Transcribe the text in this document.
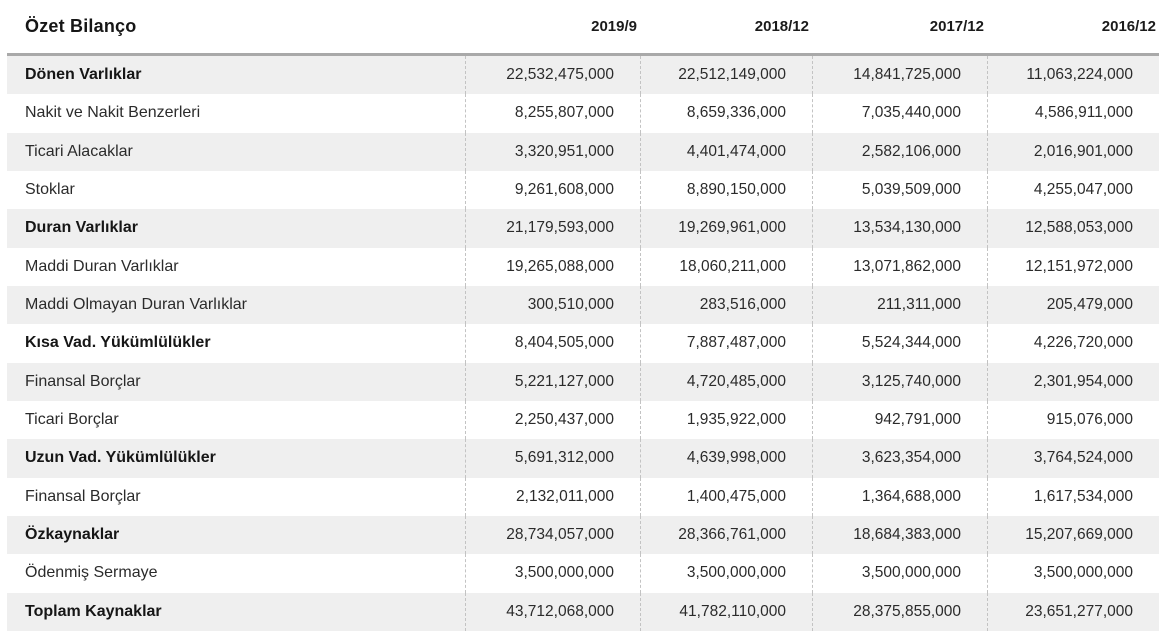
Özet Bilanço	2019/9	2018/12	2017/12	2016/12
Dönen Varlıklar	22,532,475,000	22,512,149,000	14,841,725,000	11,063,224,000
Nakit ve Nakit Benzerleri	8,255,807,000	8,659,336,000	7,035,440,000	4,586,911,000
Ticari Alacaklar	3,320,951,000	4,401,474,000	2,582,106,000	2,016,901,000
Stoklar	9,261,608,000	8,890,150,000	5,039,509,000	4,255,047,000
Duran Varlıklar	21,179,593,000	19,269,961,000	13,534,130,000	12,588,053,000
Maddi Duran Varlıklar	19,265,088,000	18,060,211,000	13,071,862,000	12,151,972,000
Maddi Olmayan Duran Varlıklar	300,510,000	283,516,000	211,311,000	205,479,000
Kısa Vad. Yükümlülükler	8,404,505,000	7,887,487,000	5,524,344,000	4,226,720,000
Finansal Borçlar	5,221,127,000	4,720,485,000	3,125,740,000	2,301,954,000
Ticari Borçlar	2,250,437,000	1,935,922,000	942,791,000	915,076,000
Uzun Vad. Yükümlülükler	5,691,312,000	4,639,998,000	3,623,354,000	3,764,524,000
Finansal Borçlar	2,132,011,000	1,400,475,000	1,364,688,000	1,617,534,000
Özkaynaklar	28,734,057,000	28,366,761,000	18,684,383,000	15,207,669,000
Ödenmiş Sermaye	3,500,000,000	3,500,000,000	3,500,000,000	3,500,000,000
Toplam Kaynaklar	43,712,068,000	41,782,110,000	28,375,855,000	23,651,277,000
